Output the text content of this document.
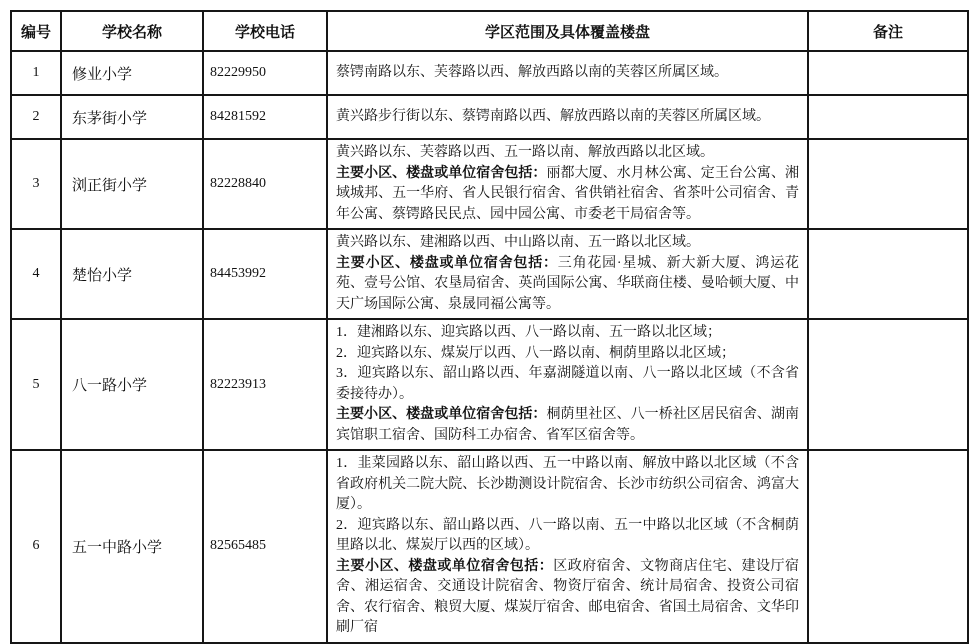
编号	学校名称	学校电话	学区范围及具体覆盖楼盘	备注
1	修业小学	82229950	蔡锷南路以东、芙蓉路以西、解放西路以南的芙蓉区所属区域。	

2	东茅街小学	84281592	黄兴路步行街以东、蔡锷南路以西、解放西路以南的芙蓉区所属区域。	

3	浏正街小学	82228840	黄兴路以东、芙蓉路以西、五一路以南、解放西路以北区域。
主要小区、楼盘或单位宿舍包括：丽都大厦、水月林公寓、定王台公寓、湘域城邦、五一华府、省人民银行宿舍、省供销社宿舍、省茶叶公司宿舍、青年公寓、蔡锷路民民点、园中园公寓、市委老干局宿舍等。	

4	楚怡小学	84453992	黄兴路以东、建湘路以西、中山路以南、五一路以北区域。
主要小区、楼盘或单位宿舍包括：三角花园·星城、新大新大厦、鸿运花苑、壹号公馆、农垦局宿舍、英尚国际公寓、华联商住楼、曼哈顿大厦、中天广场国际公寓、泉晟同福公寓等。	

5	八一路小学	82223913	1．建湘路以东、迎宾路以西、八一路以南、五一路以北区域；
2．迎宾路以东、煤炭厅以西、八一路以南、桐荫里路以北区域；
3．迎宾路以东、韶山路以西、年嘉湖隧道以南、八一路以北区域（不含省委接待办）。
主要小区、楼盘或单位宿舍包括：桐荫里社区、八一桥社区居民宿舍、湖南宾馆职工宿舍、国防科工办宿舍、省军区宿舍等。	

6	五一中路小学	82565485	1．韭菜园路以东、韶山路以西、五一中路以南、解放中路以北区域（不含省政府机关二院大院、长沙勘测设计院宿舍、长沙市纺织公司宿舍、鸿富大厦）。
2．迎宾路以东、韶山路以西、八一路以南、五一中路以北区域（不含桐荫里路以北、煤炭厅以西的区域）。
主要小区、楼盘或单位宿舍包括：区政府宿舍、文物商店住宅、建设厅宿舍、湘运宿舍、交通设计院宿舍、物资厅宿舍、统计局宿舍、投资公司宿舍、农行宿舍、粮贸大厦、煤炭厅宿舍、邮电宿舍、省国土局宿舍、文华印刷厂宿	
